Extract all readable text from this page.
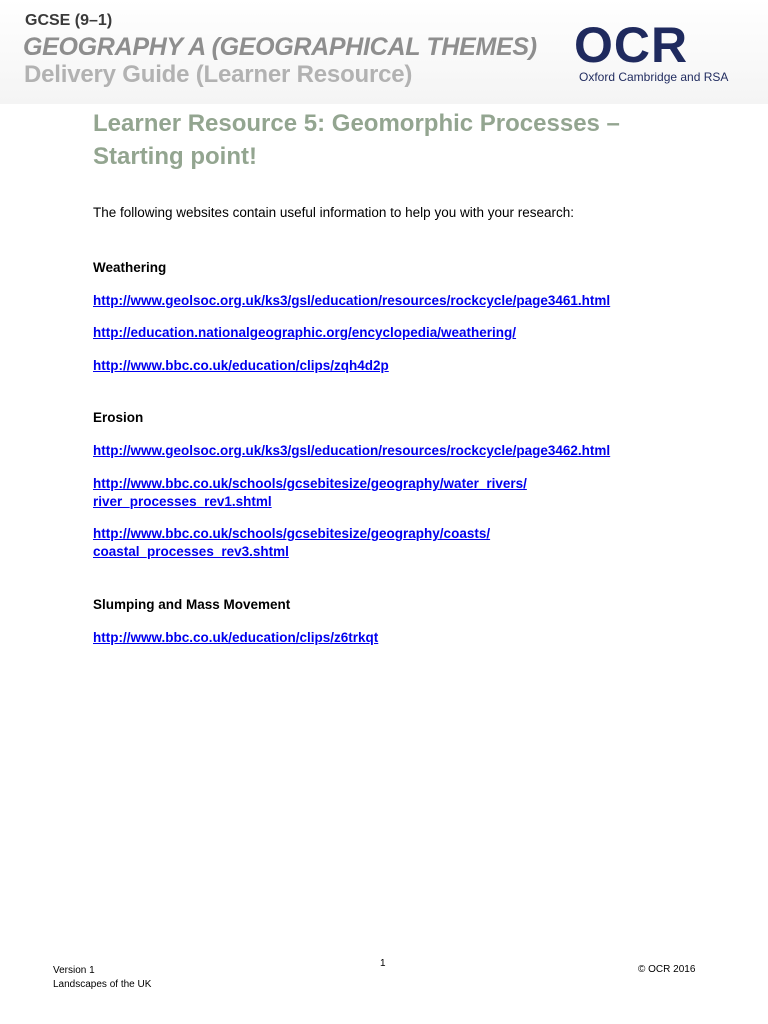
GCSE (9–1)
GEOGRAPHY A (GEOGRAPHICAL THEMES)
Delivery Guide (Learner Resource)
OCR
Oxford Cambridge and RSA
Learner Resource 5: Geomorphic Processes – Starting point!
The following websites contain useful information to help you with your research:
Weathering
http://www.geolsoc.org.uk/ks3/gsl/education/resources/rockcycle/page3461.html
http://education.nationalgeographic.org/encyclopedia/weathering/
http://www.bbc.co.uk/education/clips/zqh4d2p
Erosion
http://www.geolsoc.org.uk/ks3/gsl/education/resources/rockcycle/page3462.html
http://www.bbc.co.uk/schools/gcsebitesize/geography/water_rivers/
river_processes_rev1.shtml
http://www.bbc.co.uk/schools/gcsebitesize/geography/coasts/
coastal_processes_rev3.shtml
Slumping and Mass Movement
http://www.bbc.co.uk/education/clips/z6trkqt
Version 1
Landscapes of the UK
1
© OCR 2016
